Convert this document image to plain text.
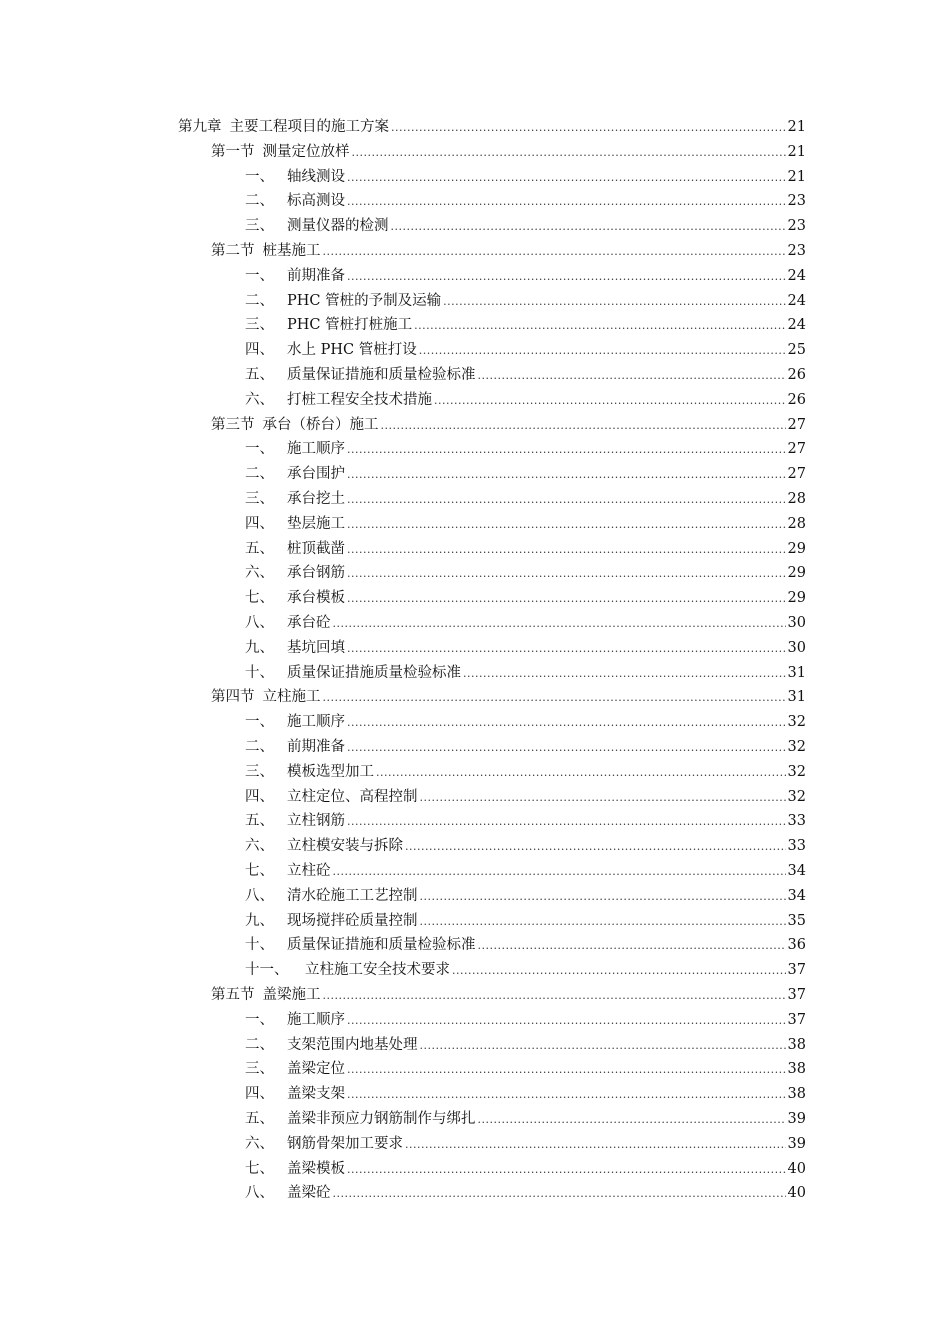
第九章 主要工程项目的施工方案 .....	21
第一节 测量定位放样 .....	21
一、 轴线测设 .....	21
二、 标高测设 .....	23
三、 测量仪器的检测 .....	23
第二节 桩基施工 .....	23
一、 前期准备 .....	24
二、 PHC 管桩的予制及运输 .....	24
三、 PHC 管桩打桩施工 .....	24
四、 水上 PHC 管桩打设 .....	25
五、 质量保证措施和质量检验标准 .....	26
六、 打桩工程安全技术措施 .....	26
第三节 承台（桥台）施工 .....	27
一、 施工顺序 .....	27
二、 承台围护 .....	27
三、 承台挖土 .....	28
四、 垫层施工 .....	28
五、 桩顶截凿 .....	29
六、 承台钢筋 .....	29
七、 承台模板 .....	29
八、 承台砼 .....	30
九、 基坑回填 .....	30
十、 质量保证措施质量检验标准 .....	31
第四节 立柱施工 .....	31
一、 施工顺序 .....	32
二、 前期准备 .....	32
三、 模板选型加工 .....	32
四、 立柱定位、高程控制 .....	32
五、 立柱钢筋 .....	33
六、 立柱模安装与拆除 .....	33
七、 立柱砼 .....	34
八、 清水砼施工工艺控制 .....	34
九、 现场搅拌砼质量控制 .....	35
十、 质量保证措施和质量检验标准 .....	36
十一、	立柱施工安全技术要求 .....	37
第五节 盖梁施工 .....	37
一、 施工顺序 .....	37
二、 支架范围内地基处理 .....	38
三、 盖梁定位 .....	38
四、 盖梁支架 .....	38
五、 盖梁非预应力钢筋制作与绑扎 .....	39
六、 钢筋骨架加工要求 .....	39
七、 盖梁模板 .....	40
八、 盖梁砼 .....	40
